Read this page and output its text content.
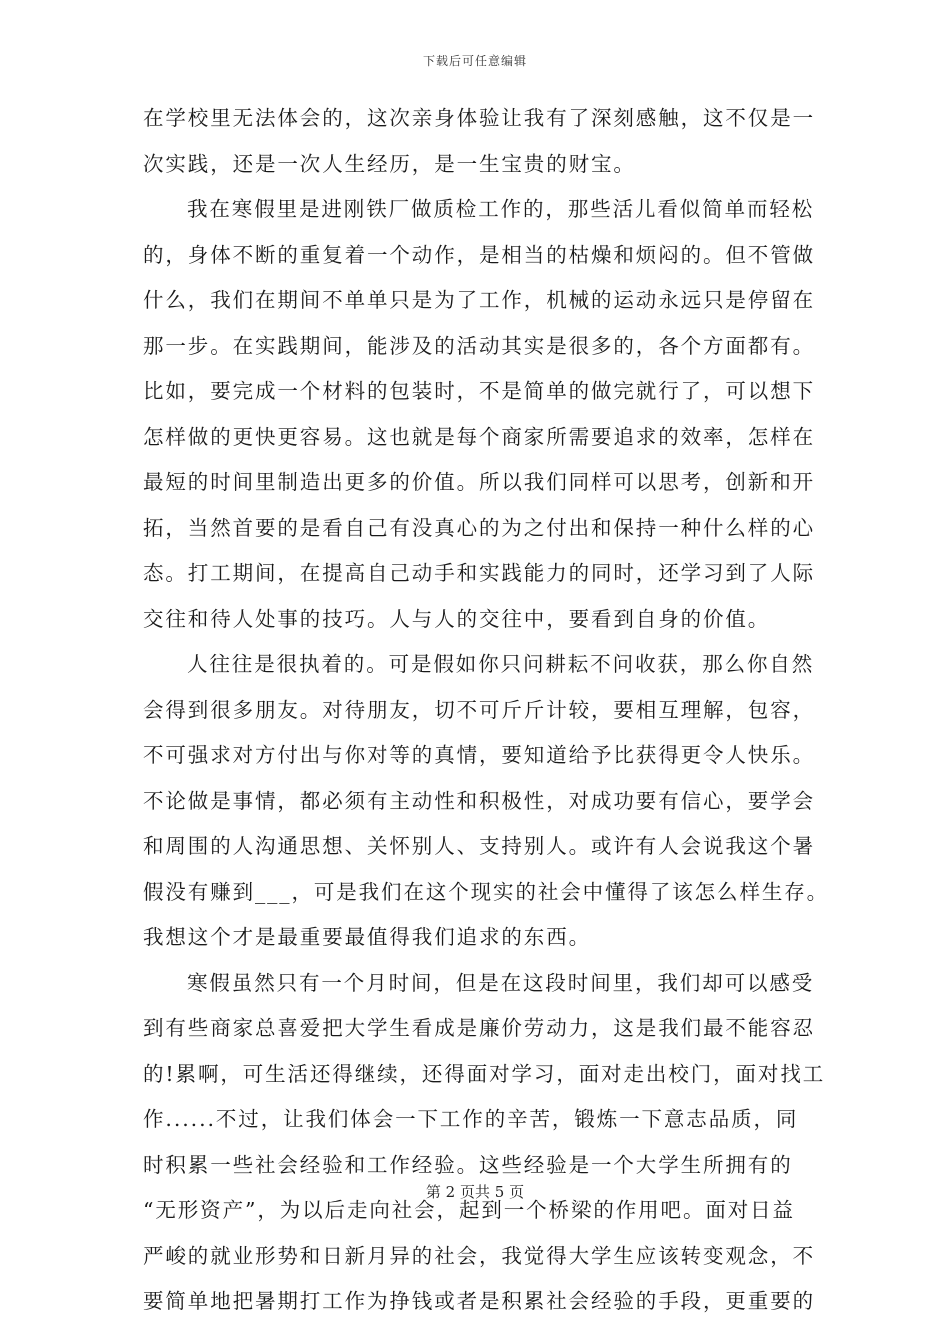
下载后可任意编辑
在学校里无法体会的，这次亲身体验让我有了深刻感触，这不仅是一
次实践，还是一次人生经历，是一生宝贵的财宝。
我在寒假里是进刚铁厂做质检工作的，那些活儿看似简单而轻松
的，身体不断的重复着一个动作，是相当的枯燥和烦闷的。但不管做
什么，我们在期间不单单只是为了工作，机械的运动永远只是停留在
那一步。在实践期间，能涉及的活动其实是很多的，各个方面都有。
比如，要完成一个材料的包装时，不是简单的做完就行了，可以想下
怎样做的更快更容易。这也就是每个商家所需要追求的效率，怎样在
最短的时间里制造出更多的价值。所以我们同样可以思考，创新和开
拓，当然首要的是看自己有没真心的为之付出和保持一种什么样的心
态。打工期间，在提高自己动手和实践能力的同时，还学习到了人际
交往和待人处事的技巧。人与人的交往中，要看到自身的价值。
人往往是很执着的。可是假如你只问耕耘不问收获，那么你自然
会得到很多朋友。对待朋友，切不可斤斤计较，要相互理解，包容，
不可强求对方付出与你对等的真情，要知道给予比获得更令人快乐。
不论做是事情，都必须有主动性和积极性，对成功要有信心，要学会
和周围的人沟通思想、关怀别人、支持别人。或许有人会说我这个暑
假没有赚到___，可是我们在这个现实的社会中懂得了该怎么样生存。
我想这个才是最重要最值得我们追求的东西。
寒假虽然只有一个月时间，但是在这段时间里，我们却可以感受
到有些商家总喜爱把大学生看成是廉价劳动力，这是我们最不能容忍
的!累啊，可生活还得继续，还得面对学习，面对走出校门，面对找工
作......不过，让我们体会一下工作的辛苦，锻炼一下意志品质，同
时积累一些社会经验和工作经验。这些经验是一个大学生所拥有的
“无形资产”，为以后走向社会，起到一个桥梁的作用吧。面对日益
严峻的就业形势和日新月异的社会，我觉得大学生应该转变观念，不
要简单地把暑期打工作为挣钱或者是积累社会经验的手段，更重要的
第 2 页共 5 页
